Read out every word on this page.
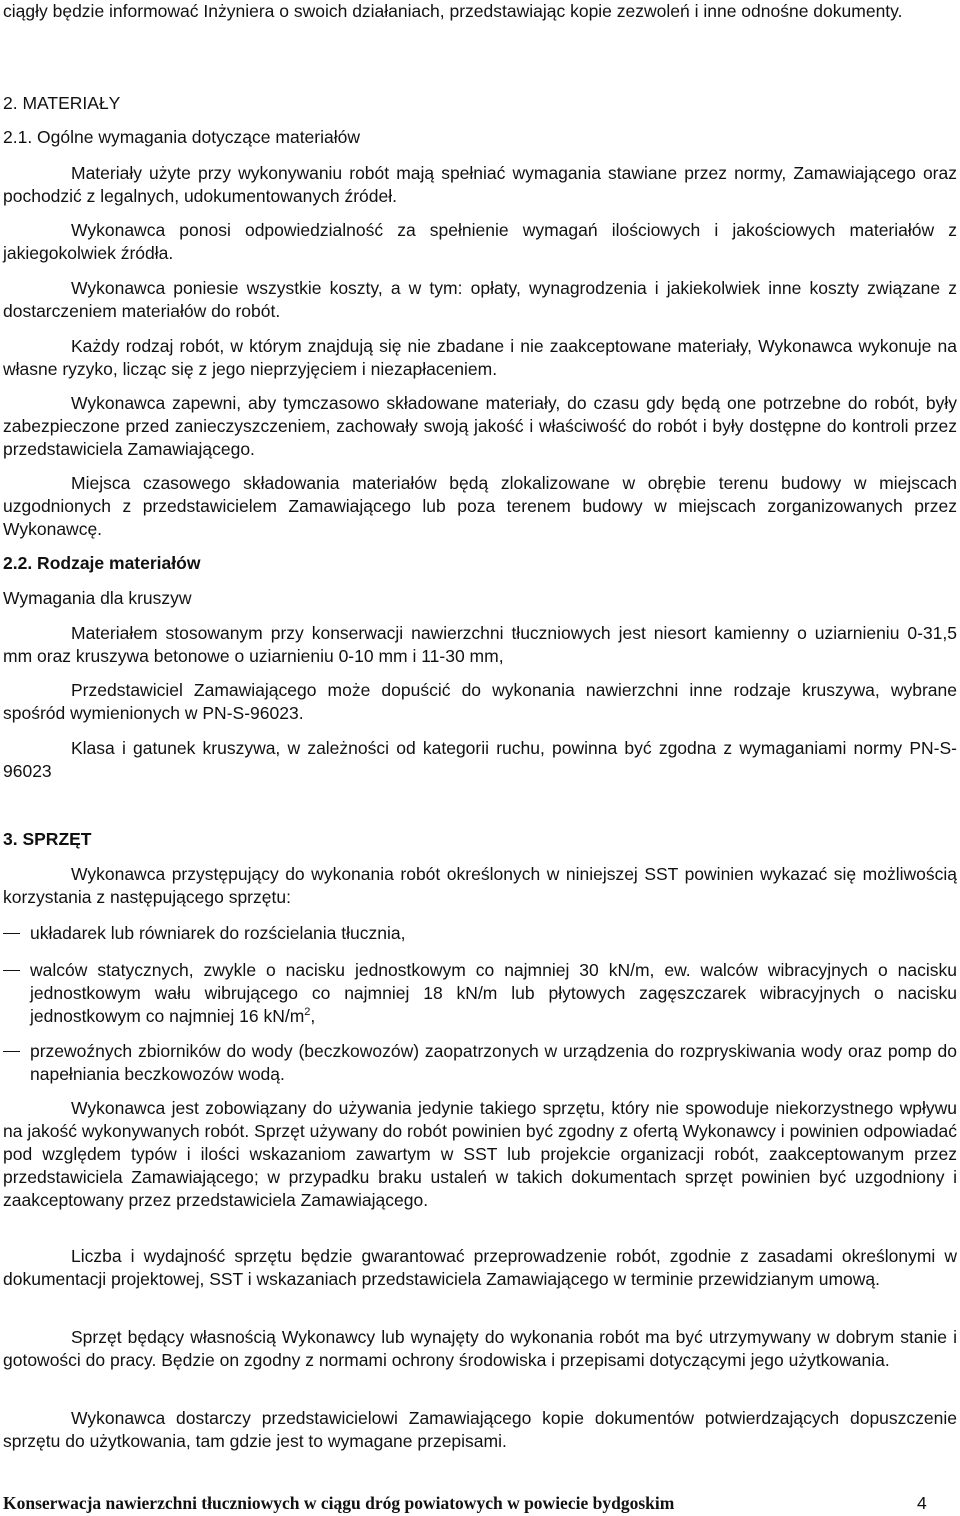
ciągły będzie informować Inżyniera o swoich działaniach, przedstawiając kopie zezwoleń i inne odnośne dokumenty.

2. MATERIAŁY

2.1. Ogólne wymagania dotyczące materiałów

Materiały użyte przy wykonywaniu robót mają spełniać wymagania stawiane przez normy, Zamawiającego oraz pochodzić z legalnych, udokumentowanych źródeł.

Wykonawca ponosi odpowiedzialność za spełnienie wymagań ilościowych i jakościowych materiałów z jakiegokolwiek źródła.

Wykonawca poniesie wszystkie koszty, a w tym: opłaty, wynagrodzenia i jakiekolwiek inne koszty związane z dostarczeniem materiałów do robót.

Każdy rodzaj robót, w którym znajdują się nie zbadane i nie zaakceptowane materiały, Wykonawca wykonuje na własne ryzyko, licząc się z jego nieprzyjęciem i niezapłaceniem.

Wykonawca zapewni, aby tymczasowo składowane materiały, do czasu gdy będą one potrzebne do robót, były zabezpieczone przed zanieczyszczeniem, zachowały swoją jakość i właściwość do robót i były dostępne do kontroli przez przedstawiciela Zamawiającego.

Miejsca czasowego składowania materiałów będą zlokalizowane w obrębie terenu budowy w miejscach uzgodnionych z przedstawicielem Zamawiającego lub poza terenem budowy w miejscach zorganizowanych przez Wykonawcę.

2.2. Rodzaje materiałów

Wymagania dla kruszyw

Materiałem stosowanym przy konserwacji nawierzchni tłuczniowych jest niesort kamienny o uziarnieniu 0-31,5 mm oraz kruszywa betonowe o uziarnieniu 0-10 mm i 11-30 mm,

Przedstawiciel Zamawiającego może dopuścić do wykonania nawierzchni inne rodzaje kruszywa, wybrane spośród wymienionych w PN-S-96023.

Klasa i gatunek kruszywa, w zależności od kategorii ruchu, powinna być zgodna z wymaganiami normy PN-S-96023

3. SPRZĘT

Wykonawca przystępujący do wykonania robót określonych w niniejszej SST powinien wykazać się możliwością korzystania z następującego sprzętu:

układarek lub równiarek do rozścielania tłucznia,

walców statycznych, zwykle o nacisku jednostkowym co najmniej 30 kN/m, ew. walców wibracyjnych o nacisku jednostkowym wału wibrującego co najmniej 18 kN/m lub płytowych zagęszczarek wibracyjnych o nacisku jednostkowym co najmniej 16 $kN/m^2$,

przewoźnych zbiorników do wody (beczkowozów) zaopatrzonych w urządzenia do rozpryskiwania wody oraz pomp do napełniania beczkowozów wodą.

Wykonawca jest zobowiązany do używania jedynie takiego sprzętu, który nie spowoduje niekorzystnego wpływu na jakość wykonywanych robót. Sprzęt używany do robót powinien być zgodny z ofertą Wykonawcy i powinien odpowiadać pod względem typów i ilości wskazaniom zawartym w SST lub projekcie organizacji robót, zaakceptowanym przez przedstawiciela Zamawiającego; w przypadku braku ustaleń w takich dokumentach sprzęt powinien być uzgodniony i zaakceptowany przez przedstawiciela Zamawiającego.

Liczba i wydajność sprzętu będzie gwarantować przeprowadzenie robót, zgodnie z zasadami określonymi w dokumentacji projektowej, SST i wskazaniach przedstawiciela Zamawiającego w terminie przewidzianym umową.

Sprzęt będący własnością Wykonawcy lub wynajęty do wykonania robót ma być utrzymywany w dobrym stanie i gotowości do pracy. Będzie on zgodny z normami ochrony środowiska i przepisami dotyczącymi jego użytkowania.

Wykonawca dostarczy przedstawicielowi Zamawiającego kopie dokumentów potwierdzających dopuszczenie sprzętu do użytkowania, tam gdzie jest to wymagane przepisami.

Konserwacja nawierzchni tłuczniowych w ciągu dróg powiatowych w powiecie bydgoskim	4
